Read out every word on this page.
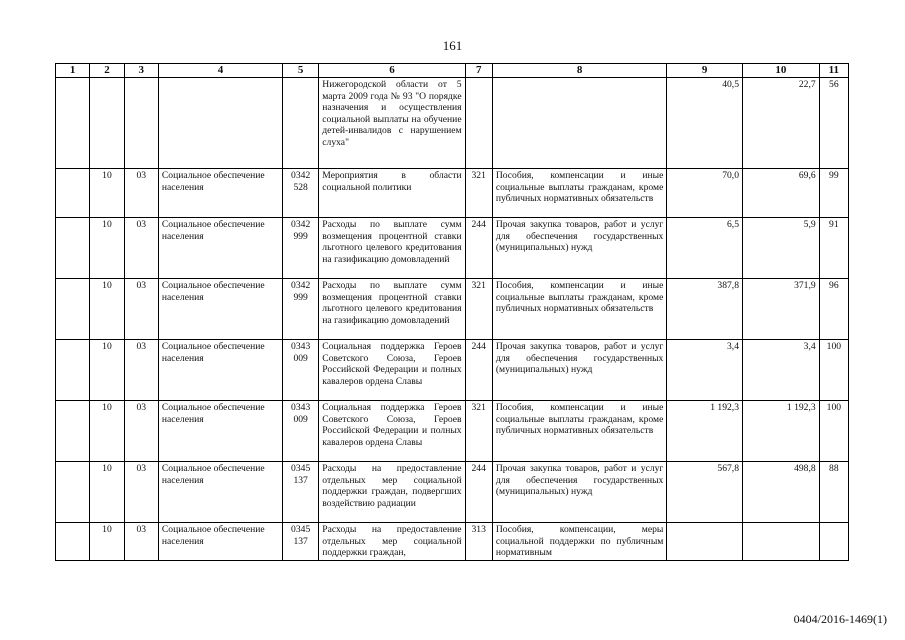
161
1	2	3	4	5	6	7	8	9	10	11
					Нижегородской области от 5 марта 2009 года № 93 "О порядке назначения и осуществления социальной выплаты на обучение детей-инвалидов с нарушением слуха"			40,5	22,7	56
	10	03	Социальное обеспечение населения	0342 528	Мероприятия в области социальной политики	321	Пособия, компенсации и иные социальные выплаты гражданам, кроме публичных нормативных обязательств	70,0	69,6	99
	10	03	Социальное обеспечение населения	0342 999	Расходы по выплате сумм возмещения процентной ставки льготного целевого кредитования на газификацию домовладений	244	Прочая закупка товаров, работ и услуг для обеспечения государственных (муниципальных) нужд	6,5	5,9	91
	10	03	Социальное обеспечение населения	0342 999	Расходы по выплате сумм возмещения процентной ставки льготного целевого кредитования на газификацию домовладений	321	Пособия, компенсации и иные социальные выплаты гражданам, кроме публичных нормативных обязательств	387,8	371,9	96
	10	03	Социальное обеспечение населения	0343 009	Социальная поддержка Героев Советского Союза, Героев Российской Федерации и полных кавалеров ордена Славы	244	Прочая закупка товаров, работ и услуг для обеспечения государственных (муниципальных) нужд	3,4	3,4	100
	10	03	Социальное обеспечение населения	0343 009	Социальная поддержка Героев Советского Союза, Героев Российской Федерации и полных кавалеров ордена Славы	321	Пособия, компенсации и иные социальные выплаты гражданам, кроме публичных нормативных обязательств	1 192,3	1 192,3	100
	10	03	Социальное обеспечение населения	0345 137	Расходы на предоставление отдельных мер социальной поддержки граждан, подвергших воздействию радиации	244	Прочая закупка товаров, работ и услуг для обеспечения государственных (муниципальных) нужд	567,8	498,8	88
	10	03	Социальное обеспечение населения	0345 137	Расходы на предоставление отдельных мер социальной поддержки граждан,	313	Пособия, компенсации, меры социальной поддержки по публичным нормативным			
0404/2016-1469(1)
